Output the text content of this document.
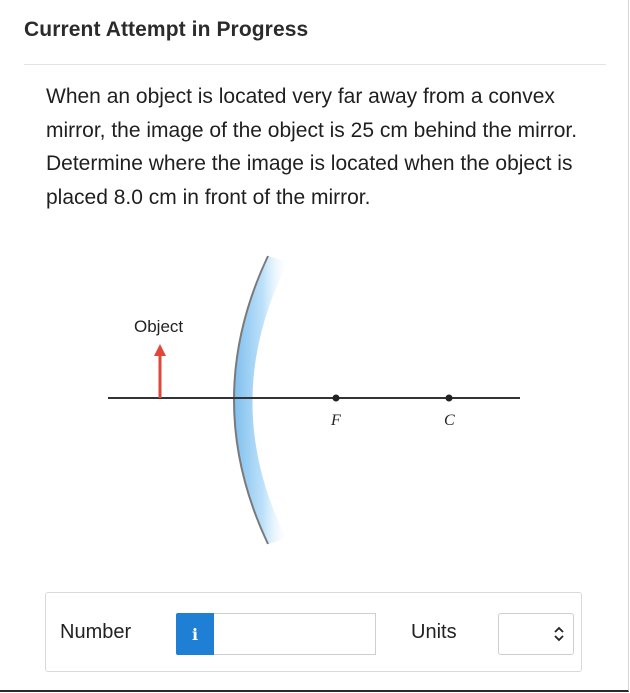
Current Attempt in Progress
When an object is located very far away from a convex mirror, the image of the object is 25 cm behind the mirror. Determine where the image is located when the object is placed 8.0 cm in front of the mirror.
Object
F	C
Number	i	Units
